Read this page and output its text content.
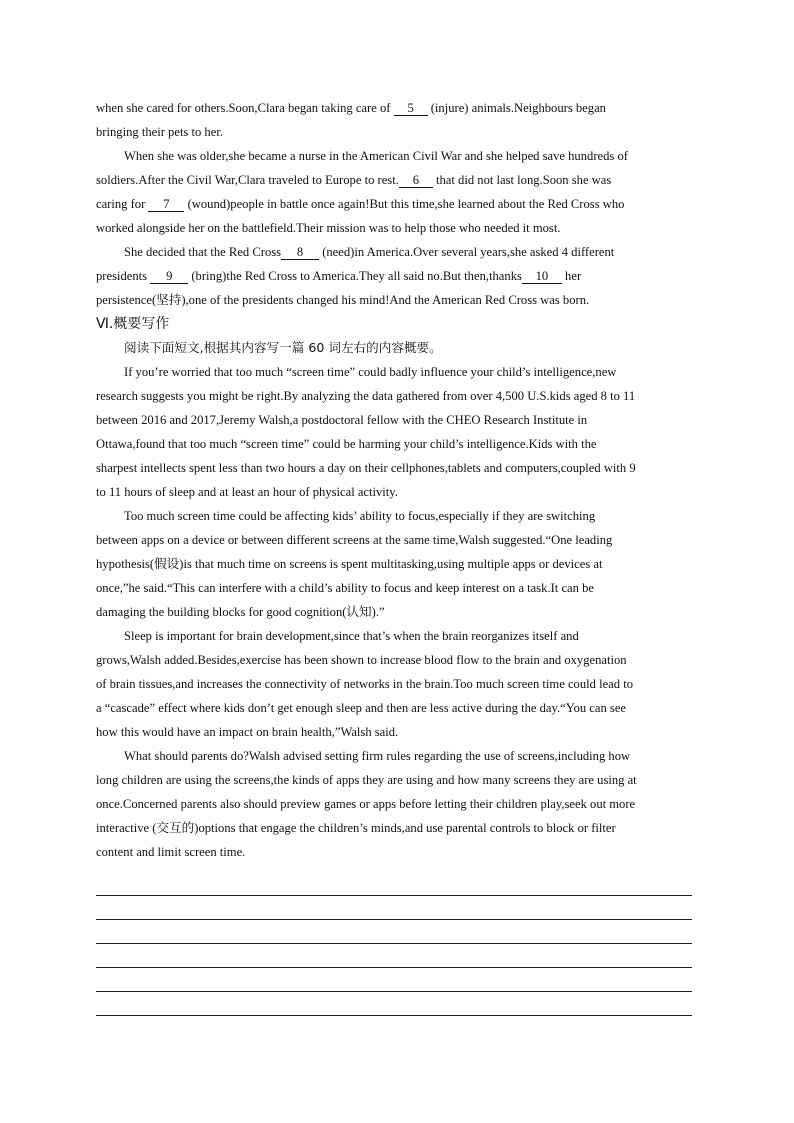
when she cared for others.Soon,Clara began taking care of 5 (injure) animals.Neighbours began
bringing their pets to her.
When she was older,she became a nurse in the American Civil War and she helped save hundreds of
soldiers.After the Civil War,Clara traveled to Europe to rest. 6 that did not last long.Soon she was
caring for 7 (wound)people in battle once again!But this time,she learned about the Red Cross who
worked alongside her on the battlefield.Their mission was to help those who needed it most.
She decided that the Red Cross 8 (need)in America.Over several years,she asked 4 different
presidents 9 (bring)the Red Cross to America.They all said no.But then,thanks 10 her
persistence(坚持),one of the presidents changed his mind!And the American Red Cross was born.
Ⅵ.概要写作
阅读下面短文,根据其内容写一篇 60 词左右的内容概要。
If you’re worried that too much “screen time” could badly influence your child’s intelligence,new
research suggests you might be right.By analyzing the data gathered from over 4,500 U.S.kids aged 8 to 11
between 2016 and 2017,Jeremy Walsh,a postdoctoral fellow with the CHEO Research Institute in
Ottawa,found that too much “screen time” could be harming your child’s intelligence.Kids with the
sharpest intellects spent less than two hours a day on their cellphones,tablets and computers,coupled with 9
to 11 hours of sleep and at least an hour of physical activity.
Too much screen time could be affecting kids’ ability to focus,especially if they are switching
between apps on a device or between different screens at the same time,Walsh suggested.“One leading
hypothesis(假设)is that much time on screens is spent multitasking,using multiple apps or devices at
once,”he said.“This can interfere with a child’s ability to focus and keep interest on a task.It can be
damaging the building blocks for good cognition(认知).”
Sleep is important for brain development,since that’s when the brain reorganizes itself and
grows,Walsh added.Besides,exercise has been shown to increase blood flow to the brain and oxygenation
of brain tissues,and increases the connectivity of networks in the brain.Too much screen time could lead to
a “cascade” effect where kids don’t get enough sleep and then are less active during the day.“You can see
how this would have an impact on brain health,”Walsh said.
What should parents do?Walsh advised setting firm rules regarding the use of screens,including how
long children are using the screens,the kinds of apps they are using and how many screens they are using at
once.Concerned parents also should preview games or apps before letting their children play,seek out more
interactive (交互的)options that engage the children’s minds,and use parental controls to block or filter
content and limit screen time.
